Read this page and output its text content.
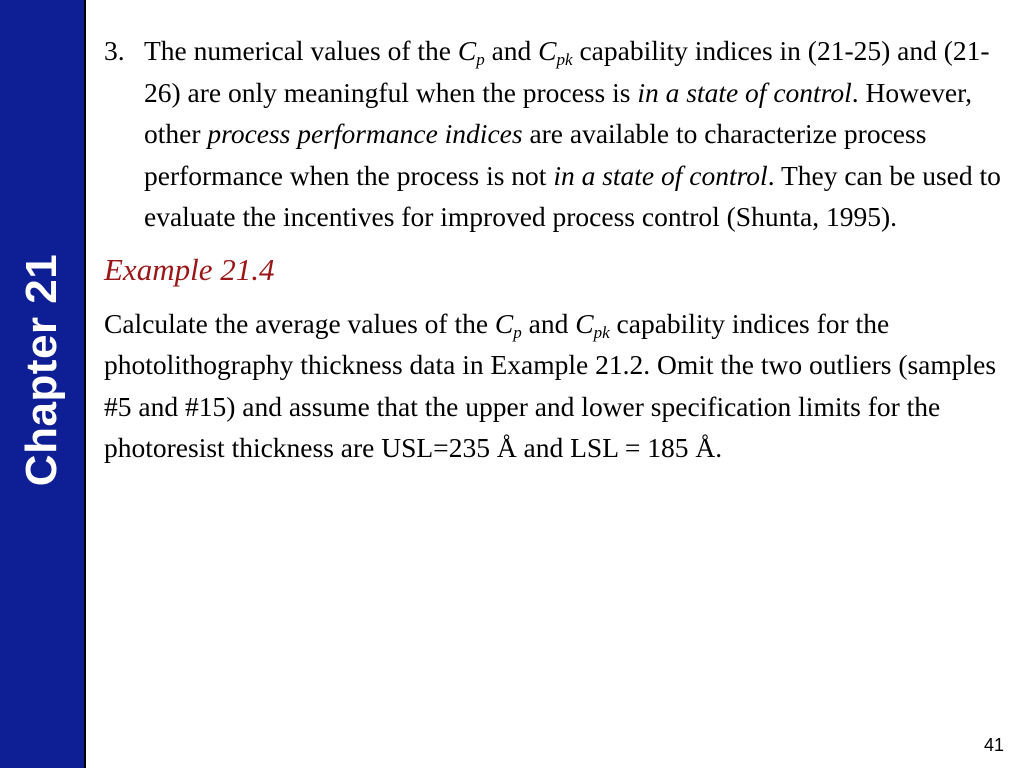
Chapter 21
3. The numerical values of the $C_p$ and $C_{pk}$ capability indices in (21-25) and (21-26) are only meaningful when the process is in a state of control. However, other process performance indices are available to characterize process performance when the process is not in a state of control. They can be used to evaluate the incentives for improved process control (Shunta, 1995).
Example 21.4
Calculate the average values of the $C_p$ and $C_{pk}$ capability indices for the photolithography thickness data in Example 21.2. Omit the two outliers (samples #5 and #15) and assume that the upper and lower specification limits for the photoresist thickness are USL=235 Å and LSL = 185 Å.
41
